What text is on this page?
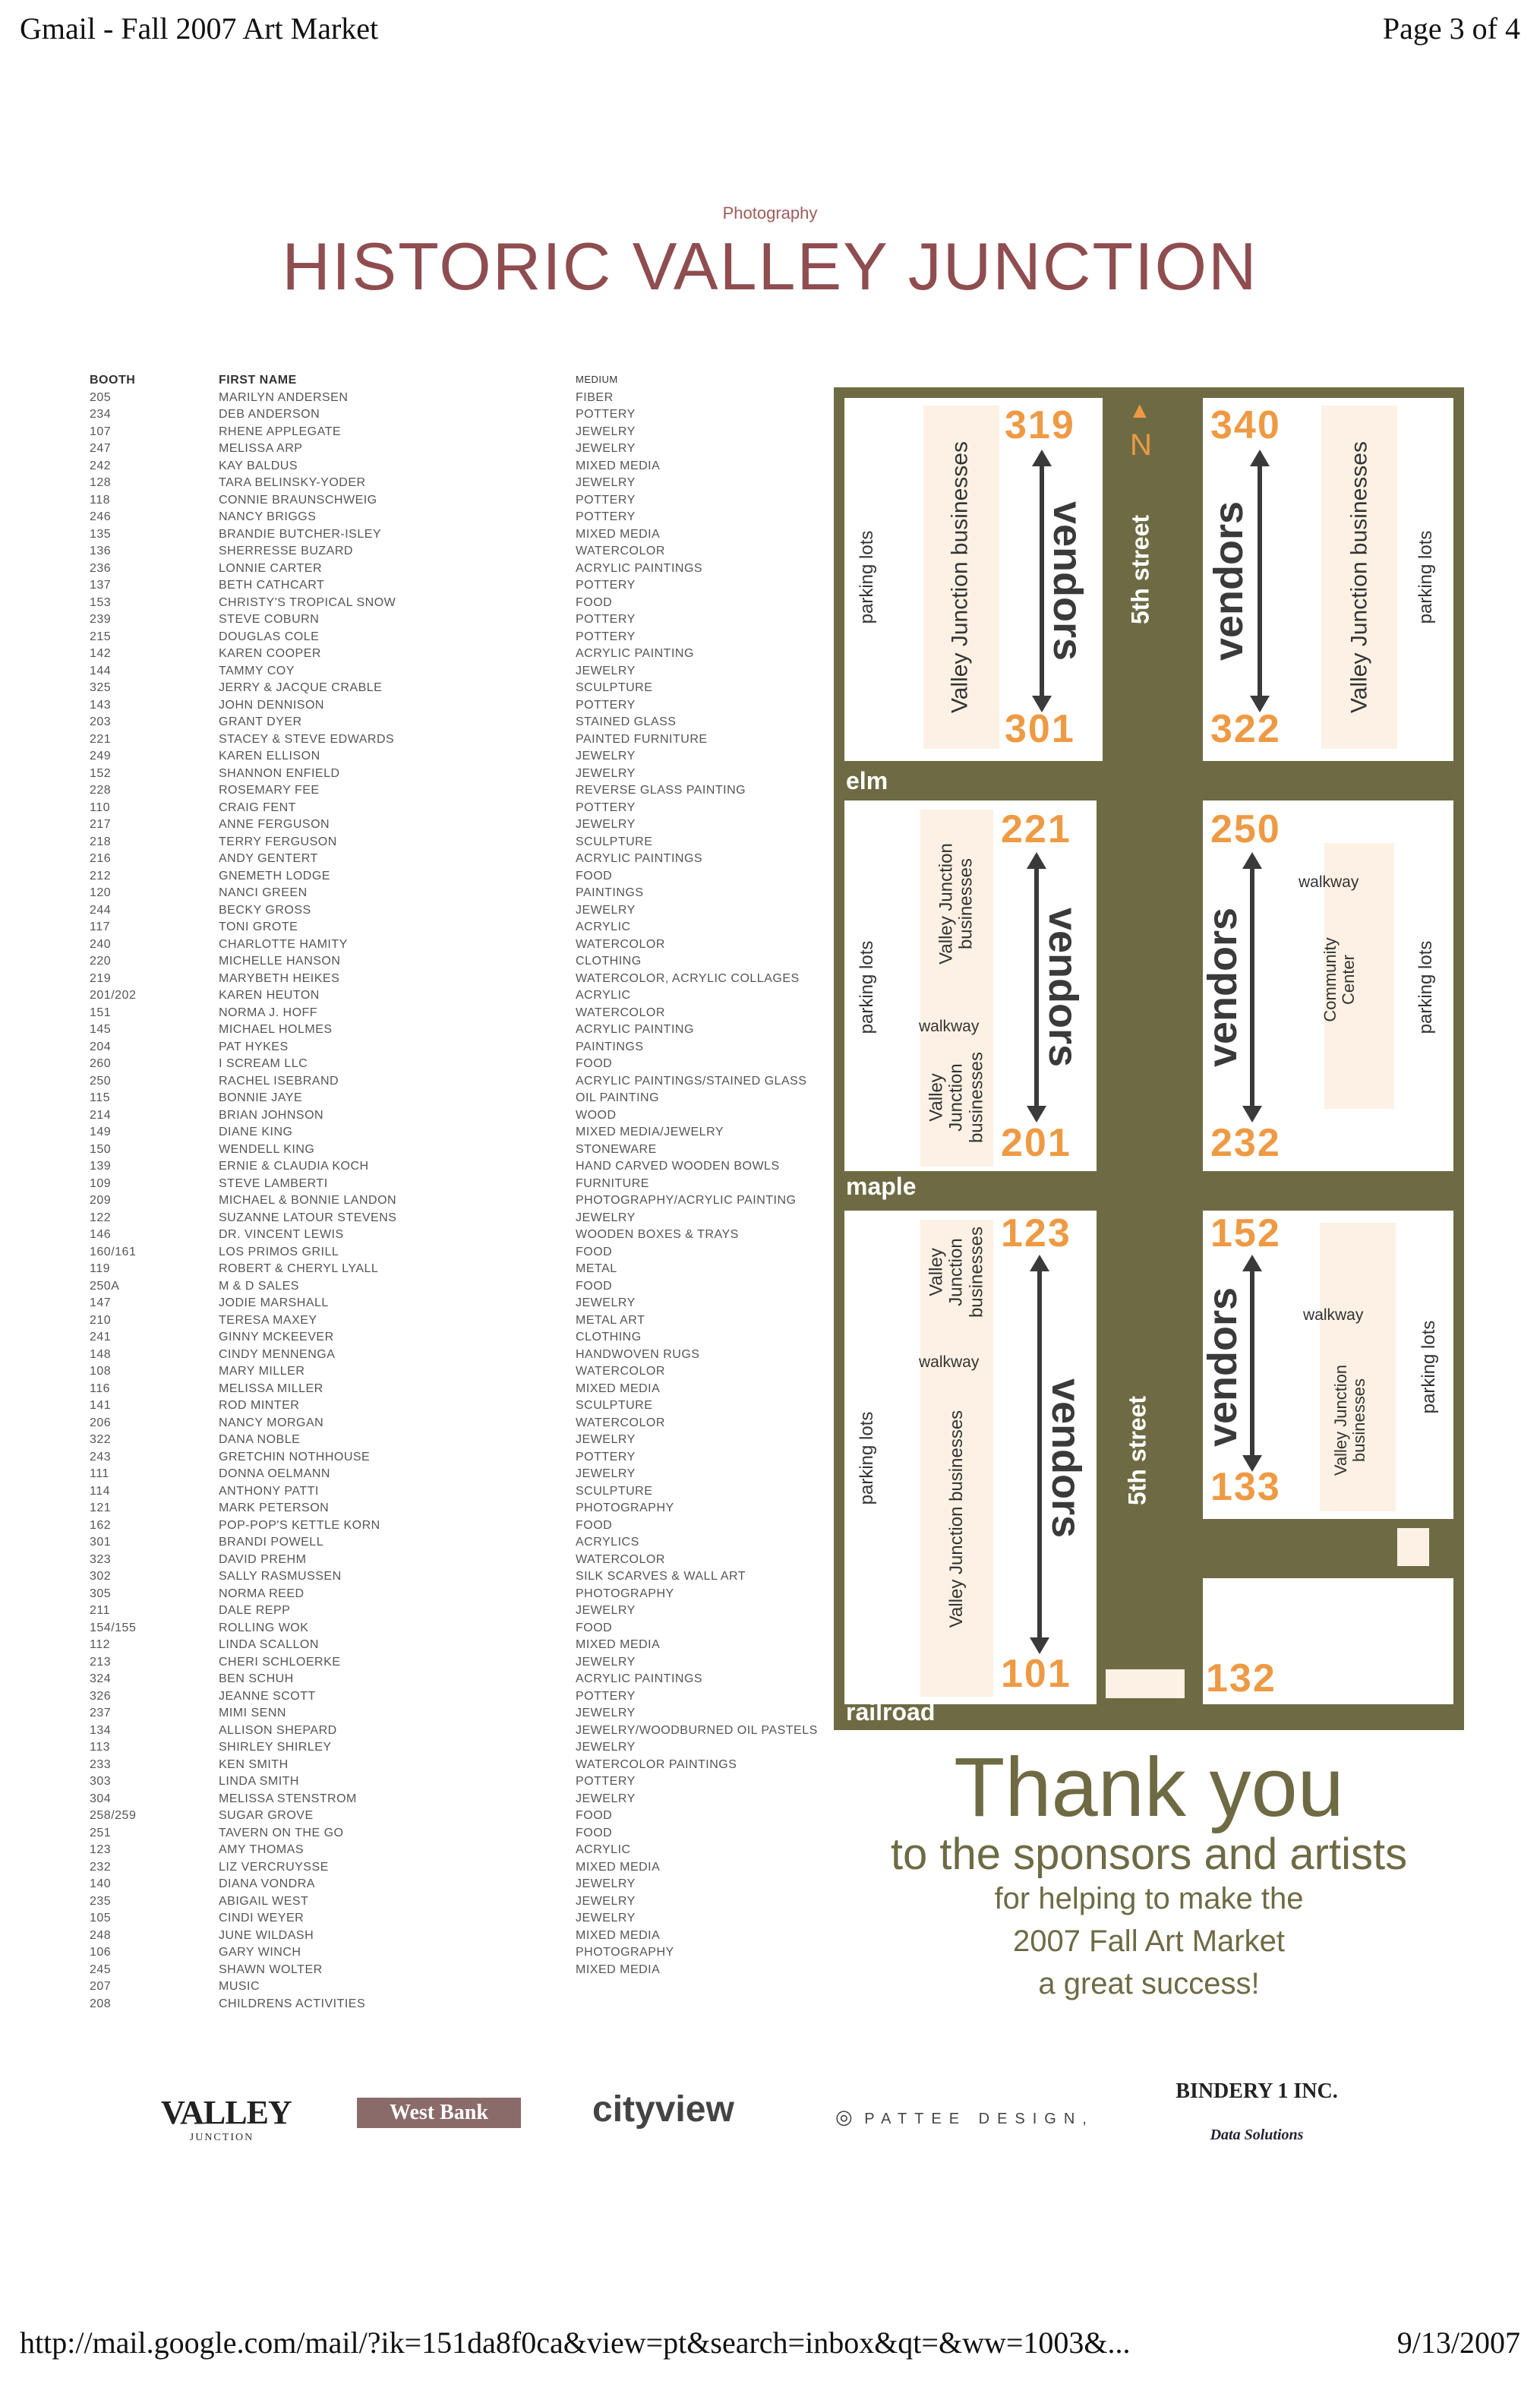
Gmail - Fall 2007 Art Market	Page 3 of 4
Photography
HISTORIC VALLEY JUNCTION
BOOTH	FIRST NAME	MEDIUM
205	MARILYN ANDERSEN	FIBER
234	DEB ANDERSON	POTTERY
107	RHENE APPLEGATE	JEWELRY
247	MELISSA ARP	JEWELRY
242	KAY BALDUS	MIXED MEDIA
128	TARA BELINSKY-YODER	JEWELRY
118	CONNIE BRAUNSCHWEIG	POTTERY
246	NANCY BRIGGS	POTTERY
135	BRANDIE BUTCHER-ISLEY	MIXED MEDIA
136	SHERRESSE BUZARD	WATERCOLOR
236	LONNIE CARTER	ACRYLIC PAINTINGS
137	BETH CATHCART	POTTERY
153	CHRISTY'S TROPICAL SNOW	FOOD
239	STEVE COBURN	POTTERY
215	DOUGLAS COLE	POTTERY
142	KAREN COOPER	ACRYLIC PAINTING
144	TAMMY COY	JEWELRY
325	JERRY & JACQUE CRABLE	SCULPTURE
143	JOHN DENNISON	POTTERY
203	GRANT DYER	STAINED GLASS
221	STACEY & STEVE EDWARDS	PAINTED FURNITURE
249	KAREN ELLISON	JEWELRY
152	SHANNON ENFIELD	JEWELRY
228	ROSEMARY FEE	REVERSE GLASS PAINTING
110	CRAIG FENT	POTTERY
217	ANNE FERGUSON	JEWELRY
218	TERRY FERGUSON	SCULPTURE
216	ANDY GENTERT	ACRYLIC PAINTINGS
212	GNEMETH LODGE	FOOD
120	NANCI GREEN	PAINTINGS
244	BECKY GROSS	JEWELRY
117	TONI GROTE	ACRYLIC
240	CHARLOTTE HAMITY	WATERCOLOR
220	MICHELLE HANSON	CLOTHING
219	MARYBETH HEIKES	WATERCOLOR, ACRYLIC COLLAGES
201/202	KAREN HEUTON	ACRYLIC
151	NORMA J. HOFF	WATERCOLOR
145	MICHAEL HOLMES	ACRYLIC PAINTING
204	PAT HYKES	PAINTINGS
260	I SCREAM LLC	FOOD
250	RACHEL ISEBRAND	ACRYLIC PAINTINGS/STAINED GLASS
115	BONNIE JAYE	OIL PAINTING
214	BRIAN JOHNSON	WOOD
149	DIANE KING	MIXED MEDIA/JEWELRY
150	WENDELL KING	STONEWARE
139	ERNIE & CLAUDIA KOCH	HAND CARVED WOODEN BOWLS
109	STEVE LAMBERTI	FURNITURE
209	MICHAEL & BONNIE LANDON	PHOTOGRAPHY/ACRYLIC PAINTING
122	SUZANNE LATOUR STEVENS	JEWELRY
146	DR. VINCENT LEWIS	WOODEN BOXES & TRAYS
160/161	LOS PRIMOS GRILL	FOOD
119	ROBERT & CHERYL LYALL	METAL
250A	M & D SALES	FOOD
147	JODIE MARSHALL	JEWELRY
210	TERESA MAXEY	METAL ART
241	GINNY MCKEEVER	CLOTHING
148	CINDY MENNENGA	HANDWOVEN RUGS
108	MARY MILLER	WATERCOLOR
116	MELISSA MILLER	MIXED MEDIA
141	ROD MINTER	SCULPTURE
206	NANCY MORGAN	WATERCOLOR
322	DANA NOBLE	JEWELRY
243	GRETCHIN NOTHHOUSE	POTTERY
111	DONNA OELMANN	JEWELRY
114	ANTHONY PATTI	SCULPTURE
121	MARK PETERSON	PHOTOGRAPHY
162	POP-POP'S KETTLE KORN	FOOD
301	BRANDI POWELL	ACRYLICS
323	DAVID PREHM	WATERCOLOR
302	SALLY RASMUSSEN	SILK SCARVES & WALL ART
305	NORMA REED	PHOTOGRAPHY
211	DALE REPP	JEWELRY
154/155	ROLLING WOK	FOOD
112	LINDA SCALLON	MIXED MEDIA
213	CHERI SCHLOERKE	JEWELRY
324	BEN SCHUH	ACRYLIC PAINTINGS
326	JEANNE SCOTT	POTTERY
237	MIMI SENN	JEWELRY
134	ALLISON SHEPARD	JEWELRY/WOODBURNED OIL PASTELS
113	SHIRLEY SHIRLEY	JEWELRY
233	KEN SMITH	WATERCOLOR PAINTINGS
303	LINDA SMITH	POTTERY
304	MELISSA STENSTROM	JEWELRY
258/259	SUGAR GROVE	FOOD
251	TAVERN ON THE GO	FOOD
123	AMY THOMAS	ACRYLIC
232	LIZ VERCRUYSSE	MIXED MEDIA
140	DIANA VONDRA	JEWELRY
235	ABIGAIL WEST	JEWELRY
105	CINDI WEYER	JEWELRY
248	JUNE WILDASH	MIXED MEDIA
106	GARY WINCH	PHOTOGRAPHY
245	SHAWN WOLTER	MIXED MEDIA
207	MUSIC
208	CHILDRENS ACTIVITIES
parking lots	Valley Junction businesses
319
301
vendors
▲
N
5th street
340
322
vendors	Valley Junction businesses parking lots
elm
parking lots
Valley Junction businesses
walkway
Valley Junction businesses
221
201
vendors
250
232
vendors
walkway
Community Center	parking lots
maple
parking lots
Valley Junction businesses
walkway
Valley Junction businesses
123
101
vendors 5th street
152
133
vendors	walkway
Valley Junction businesses
parking lots
132
railroad
Thank you
to the sponsors and artists
for helping to make the
2007 Fall Art Market
a great success!
VALLEY
JUNCTION
West Bank	cityview	◎ PATTEE DESIGN,
BINDERY 1 INC.
Data Solutions
http://mail.google.com/mail/?ik=151da8f0ca&view=pt&search=inbox&qt=&ww=1003&...	9/13/2007
